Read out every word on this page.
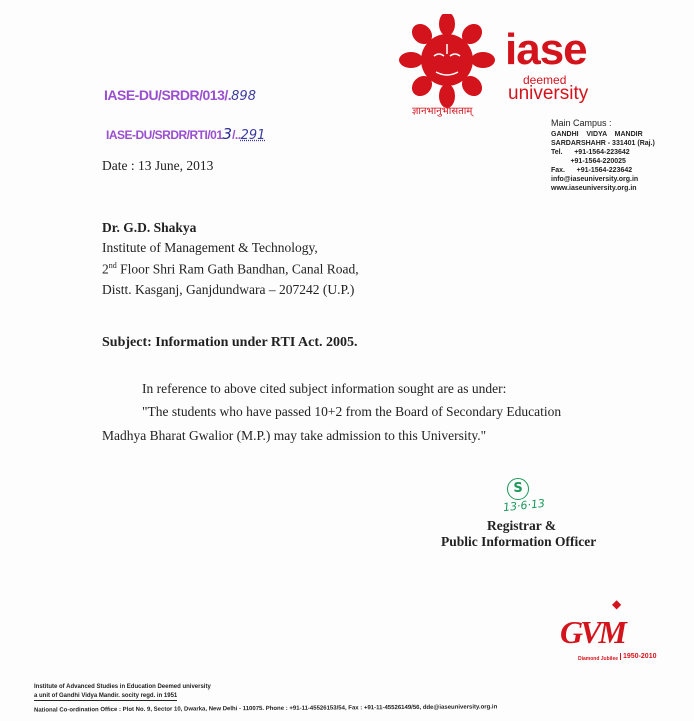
ज्ञानभानुर्भासताम्
iase
deemed
university
Main Campus :
GANDHI    VIDYA    MANDIR
SARDARSHAHR - 331401 (Raj.)
Tel.      +91-1564-223642
+91-1564-220025
Fax.      +91-1564-223642
info@iaseuniversity.org.in
www.iaseuniversity.org.in
IASE-DU/SRDR/013/.898
IASE-DU/SRDR/RTI/013/..291
Date : 13 June, 2013
Dr. G.D. Shakya
Institute of Management & Technology,
2nd Floor Shri Ram Gath Bandhan, Canal Road,
Distt. Kasganj, Ganjdundwara – 207242 (U.P.)
Subject: Information under RTI Act. 2005.
In reference to above cited subject information sought are as under:
"The students who have passed 10+2 from the Board of Secondary Education
Madhya Bharat Gwalior (M.P.) may take admission to this University."
S
13·6·13
Registrar &
Public Information Officer
GVM
◆
Diamond Jubilee 1950-2010
Institute of Advanced Studies in Education Deemed university
a unit of Gandhi Vidya Mandir. socity regd. in 1951
National Co-ordination Office : Plot No. 9, Sector 10, Dwarka, New Delhi - 110075. Phone : +91-11-45526153/54, Fax : +91-11-45526149/56, dde@iaseuniversity.org.in
